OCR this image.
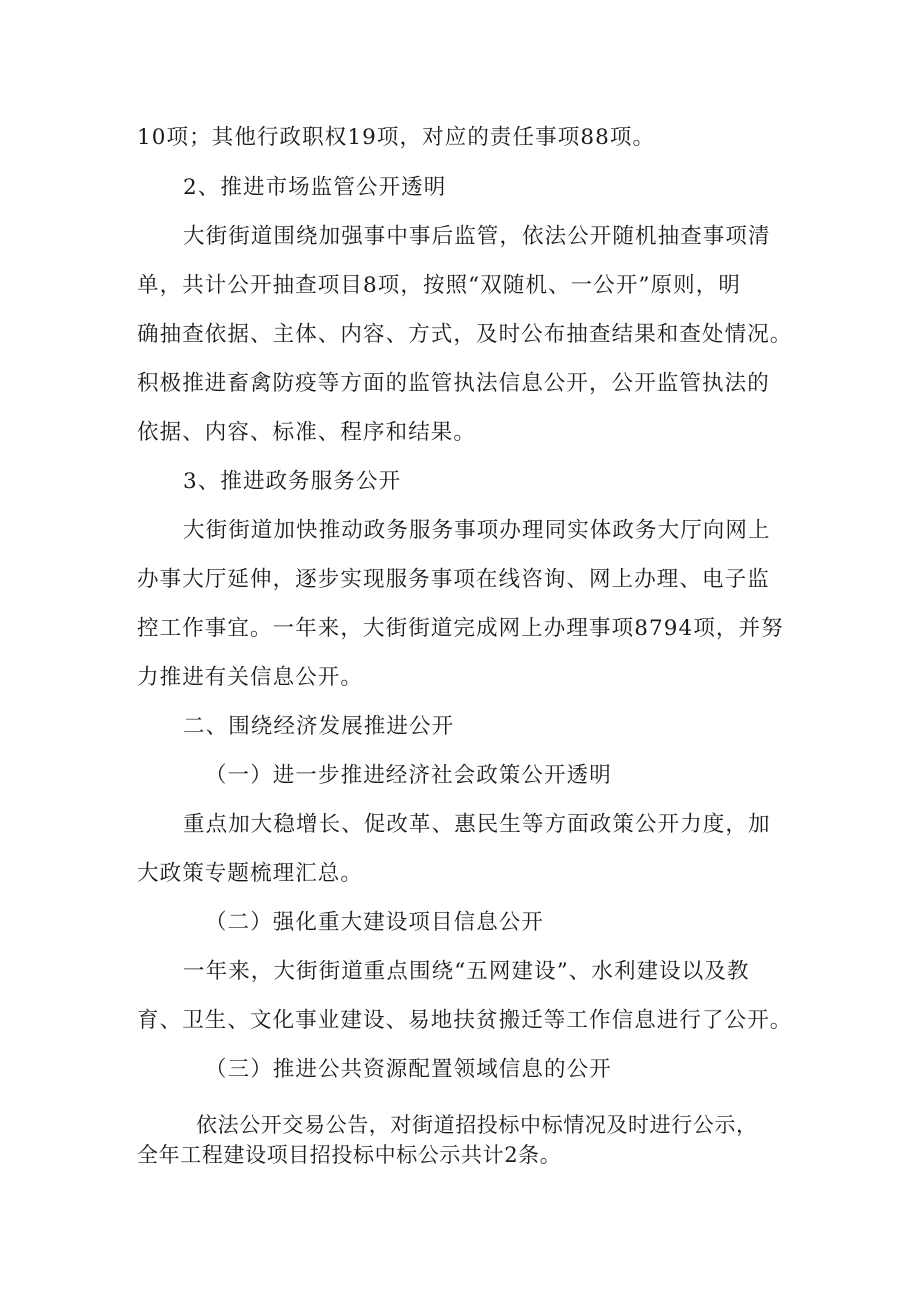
10项；其他行政职权19项，对应的责任事项88项。
2、推进市场监管公开透明
大街街道围绕加强事中事后监管，依法公开随机抽查事项清
单，共计公开抽查项目8项，按照“双随机、一公开”原则，明
确抽查依据、主体、内容、方式，及时公布抽查结果和查处情况。
积极推进畜禽防疫等方面的监管执法信息公开，公开监管执法的
依据、内容、标准、程序和结果。
3、推进政务服务公开
大街街道加快推动政务服务事项办理同实体政务大厅向网上
办事大厅延伸，逐步实现服务事项在线咨询、网上办理、电子监
控工作事宜。一年来，大街街道完成网上办理事项8794项，并努
力推进有关信息公开。
二、围绕经济发展推进公开
（一）进一步推进经济社会政策公开透明
重点加大稳增长、促改革、惠民生等方面政策公开力度，加
大政策专题梳理汇总。
（二）强化重大建设项目信息公开
一年来，大街街道重点围绕“五网建设”、水利建设以及教
育、卫生、文化事业建设、易地扶贫搬迁等工作信息进行了公开。
（三）推进公共资源配置领域信息的公开
依法公开交易公告，对街道招投标中标情况及时进行公示，
全年工程建设项目招投标中标公示共计2条。
